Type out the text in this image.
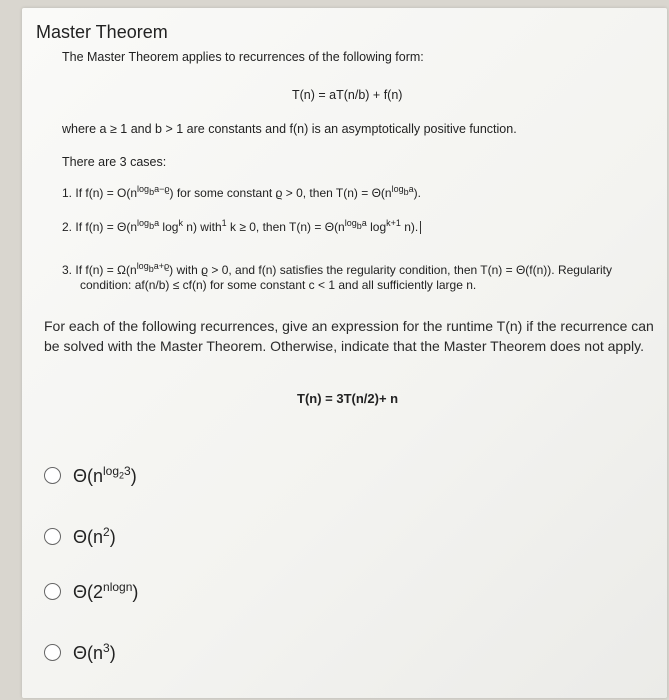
Master Theorem
The Master Theorem applies to recurrences of the following form:
T(n) = aT(n/b) + f(n)
where a ≥ 1 and b > 1 are constants and f(n) is an asymptotically positive function.
There are 3 cases:
1. If $f(n) = O(n^{log_ba-ϱ})$ for some constant ϱ > 0, then $T(n) = \Theta(n^{log_ba})$.
2. If $f(n) = \Theta(n^{log_ba}$ $\log^k n$) with$^1$ k ≥ 0, then $T(n) = \Theta(n^{log_ba}$ $\log^{k+1} n$).
3. If $f(n) = \Omega(n^{log_ba+ϱ})$ with ϱ > 0, and f(n) satisfies the regularity condition, then T(n) = Θ(f(n)). Regularity
condition: af(n/b) ≤ cf(n) for some constant c < 1 and all sufficiently large n.
For each of the following recurrences, give an expression for the runtime T(n) if the recurrence can be solved with the Master Theorem. Otherwise, indicate that the Master Theorem does not apply.
T(n) = 3T(n/2)+ n
$\Theta(n^{log_23})$
$\Theta(n^2)$
$\Theta(2^{nlogn})$
$\Theta(n^3)$
